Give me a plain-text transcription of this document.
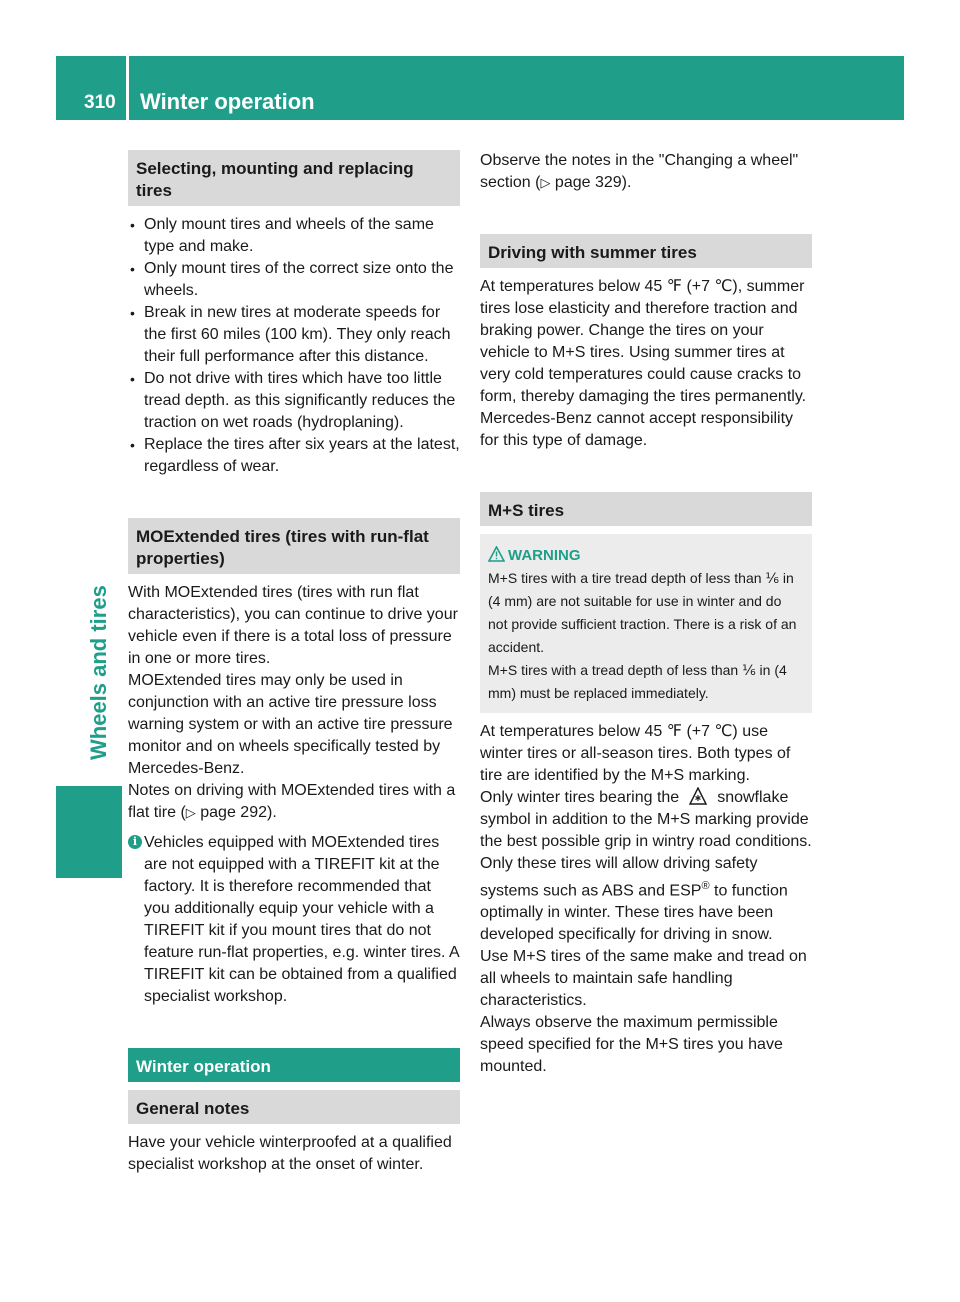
310 Winter operation
Wheels and tires
Selecting, mounting and replacing tires
• Only mount tires and wheels of the same type and make.
• Only mount tires of the correct size onto the wheels.
• Break in new tires at moderate speeds for the first 60 miles (100 km). They only reach their full performance after this distance.
• Do not drive with tires which have too little tread depth. as this significantly reduces the traction on wet roads (hydroplaning).
• Replace the tires after six years at the latest, regardless of wear.
MOExtended tires (tires with run-flat properties)

With MOExtended tires (tires with run flat characteristics), you can continue to drive your vehicle even if there is a total loss of pressure in one or more tires.

MOExtended tires may only be used in conjunction with an active tire pressure loss warning system or with an active tire pressure monitor and on wheels specifically tested by Mercedes-Benz.

Notes on driving with MOExtended tires with a flat tire (▷ page 292).

i Vehicles equipped with MOExtended tires are not equipped with a TIREFIT kit at the factory. It is therefore recommended that you additionally equip your vehicle with a TIREFIT kit if you mount tires that do not feature run-flat properties, e.g. winter tires. A TIREFIT kit can be obtained from a qualified specialist workshop.
Winter operation
General notes

Have your vehicle winterproofed at a qualified specialist workshop at the onset of winter.

Observe the notes in the "Changing a wheel" section (▷ page 329).

Driving with summer tires

At temperatures below 45 ℉ (+7 ℃), summer tires lose elasticity and therefore traction and braking power. Change the tires on your vehicle to M+S tires. Using summer tires at very cold temperatures could cause cracks to form, thereby damaging the tires permanently. Mercedes-Benz cannot accept responsibility for this type of damage.

M+S tires
WARNING

M+S tires with a tire tread depth of less than ⅙ in (4 mm) are not suitable for use in winter and do not provide sufficient traction. There is a risk of an accident.

M+S tires with a tread depth of less than ⅙ in (4 mm) must be replaced immediately.

At temperatures below 45 ℉ (+7 ℃) use winter tires or all-season tires. Both types of tire are identified by the M+S marking.

Only winter tires bearing the snowflake symbol in addition to the M+S marking provide the best possible grip in wintry road conditions.

Only these tires will allow driving safety systems such as ABS and ESP® to function optimally in winter. These tires have been developed specifically for driving in snow.

Use M+S tires of the same make and tread on all wheels to maintain safe handling characteristics.

Always observe the maximum permissible speed specified for the M+S tires you have mounted.
